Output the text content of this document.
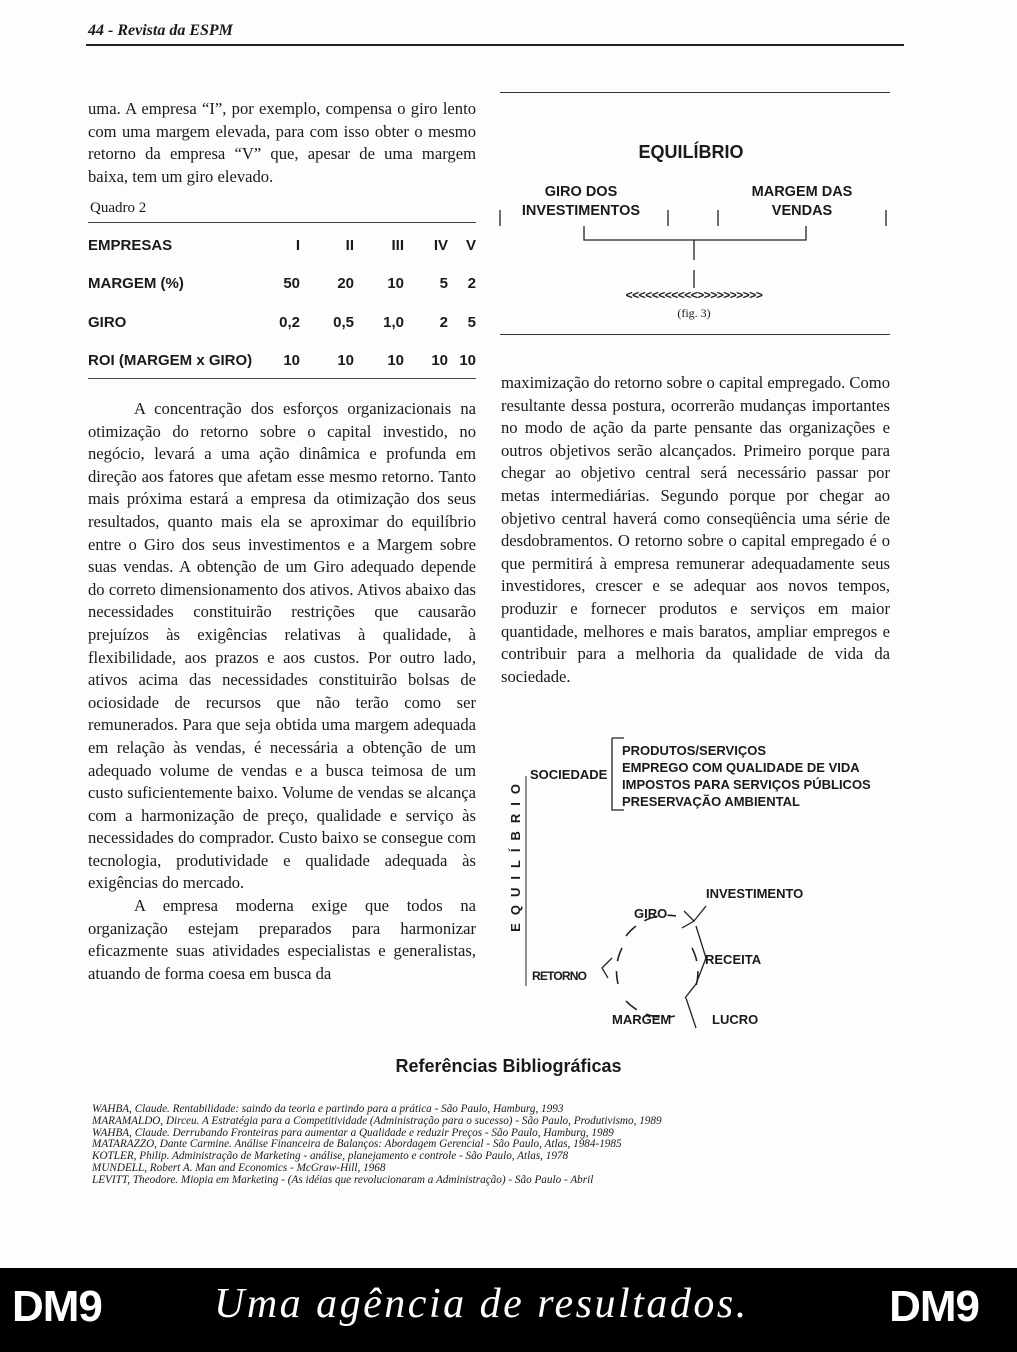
44 - Revista da ESPM

uma. A empresa “I”, por exemplo, compensa o giro lento com uma margem elevada, para com isso obter o mesmo retorno da empresa “V” que, apesar de uma margem baixa, tem um giro elevado.

Quadro 2
EMPRESAS	I	II	III	IV	V
MARGEM (%)	50	20	10	5	2
GIRO	0,2	0,5	1,0	2	5
ROI (MARGEM x GIRO)	10	10	10	10	10

A concentração dos esforços organizacionais na otimização do retorno sobre o capital investido, no negócio, levará a uma ação dinâmica e profunda em direção aos fatores que afetam esse mesmo retorno. Tanto mais próxima estará a empresa da otimização dos seus resultados, quanto mais ela se aproximar do equilíbrio entre o Giro dos seus investimentos e a Margem sobre suas vendas. A obtenção de um Giro adequado depende do correto dimensionamento dos ativos. Ativos abaixo das necessidades constituirão restrições que causarão prejuízos às exigências relativas à qualidade, à flexibilidade, aos prazos e aos custos. Por outro lado, ativos acima das necessidades constituirão bolsas de ociosidade de recursos que não terão como ser remunerados. Para que seja obtida uma margem adequada em relação às vendas, é necessária a obtenção de um adequado volume de vendas e a busca teimosa de um custo suficientemente baixo. Volume de vendas se alcança com a harmonização de preço, qualidade e serviço às necessidades do comprador. Custo baixo se consegue com tecnologia, produtividade e qualidade adequada às exigências do mercado.

A empresa moderna exige que todos na organização estejam preparados para harmonizar eficazmente suas atividades especialistas e generalistas, atuando de forma coesa em busca da

EQUILÍBRIO
GIRO DOS
INVESTIMENTOS
MARGEM DAS
VENDAS
<<<<<<<<<<<>>>>>>>>>>
(fig. 3)

maximização do retorno sobre o capital empregado. Como resultante dessa postura, ocorrerão mudanças importantes no modo de ação da parte pensante das organizações e outros objetivos serão alcançados. Primeiro porque para chegar ao objetivo central será necessário passar por metas intermediárias. Segundo porque por chegar ao objetivo central haverá como conseqüência uma série de desdobramentos. O retorno sobre o capital empregado é o que permitirá à empresa remunerar adequadamente seus investidores, crescer e se adequar aos novos tempos, produzir e fornecer produtos e serviços em maior quantidade, melhores e mais baratos, ampliar empregos e contribuir para a melhoria da qualidade de vida da sociedade.

EQUILÍBRIO
SOCIEDADE
PRODUTOS/SERVIÇOS
EMPREGO COM QUALIDADE DE VIDA
IMPOSTOS PARA SERVIÇOS PÚBLICOS
PRESERVAÇÃO AMBIENTAL
INVESTIMENTO
GIRO
RECEITA
RETORNO
MARGEM	LUCRO
Referências Bibliográficas
WAHBA, Claude. Rentabilidade: saindo da teoria e partindo para a prática - São Paulo, Hamburg, 1993
MARAMALDO, Dirceu. A Estratégia para a Competitividade (Administração para o sucesso) - São Paulo, Produtivismo, 1989
WAHBA, Claude. Derrubando Fronteiras para aumentar a Qualidade e reduzir Preços - São Paulo, Hamburg, 1989
MATARAZZO, Dante Carmine. Análise Financeira de Balanços: Abordagem Gerencial - São Paulo, Atlas, 1984-1985
KOTLER, Philip. Administração de Marketing - análise, planejamento e controle - São Paulo, Atlas, 1978
MUNDELL, Robert A. Man and Economics - McGraw-Hill, 1968
LEVITT, Theodore. Miopia em Marketing - (As idéias que revolucionaram a Administração) - São Paulo - Abril
DM9	Uma agência de resultados.	DM9
